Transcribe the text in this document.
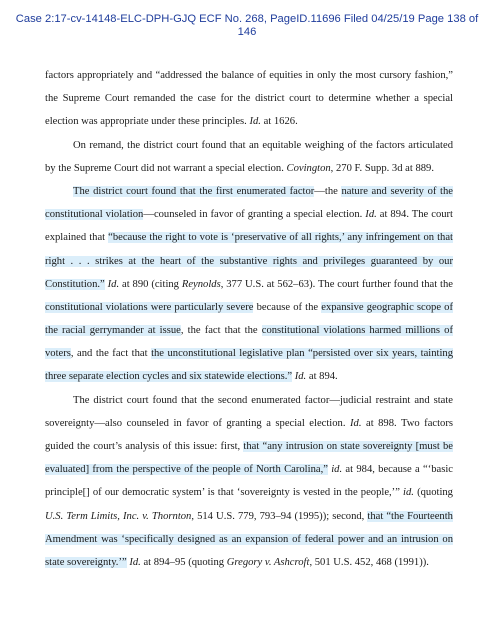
Case 2:17-cv-14148-ELC-DPH-GJQ ECF No. 268, PageID.11696 Filed 04/25/19 Page 138 of
146
factors appropriately and “addressed the balance of equities in only the most cursory fashion,”
the Supreme Court remanded the case for the district court to determine whether a special
election was appropriate under these principles. Id. at 1626.
On remand, the district court found that an equitable weighing of the factors articulated
by the Supreme Court did not warrant a special election. Covington, 270 F. Supp. 3d at 889.
The district court found that the first enumerated factor—the nature and severity of the
constitutional violation—counseled in favor of granting a special election. Id. at 894. The court
explained that “because the right to vote is ‘preservative of all rights,’ any infringement on that
right . . . strikes at the heart of the substantive rights and privileges guaranteed by our
Constitution.” Id. at 890 (citing Reynolds, 377 U.S. at 562–63). The court further found that the
constitutional violations were particularly severe because of the expansive geographic scope of
the racial gerrymander at issue, the fact that the constitutional violations harmed millions of
voters, and the fact that the unconstitutional legislative plan “persisted over six years, tainting
three separate election cycles and six statewide elections.” Id. at 894.
The district court found that the second enumerated factor—judicial restraint and state
sovereignty—also counseled in favor of granting a special election. Id. at 898. Two factors
guided the court’s analysis of this issue: first, that “any intrusion on state sovereignty [must be
evaluated] from the perspective of the people of North Carolina,” id. at 984, because a “‘basic
principle[] of our democratic system’ is that ‘sovereignty is vested in the people,’” id. (quoting
U.S. Term Limits, Inc. v. Thornton, 514 U.S. 779, 793–94 (1995)); second, that “the Fourteenth
Amendment was ‘specifically designed as an expansion of federal power and an intrusion on
state sovereignty.’” Id. at 894–95 (quoting Gregory v. Ashcroft, 501 U.S. 452, 468 (1991)).
